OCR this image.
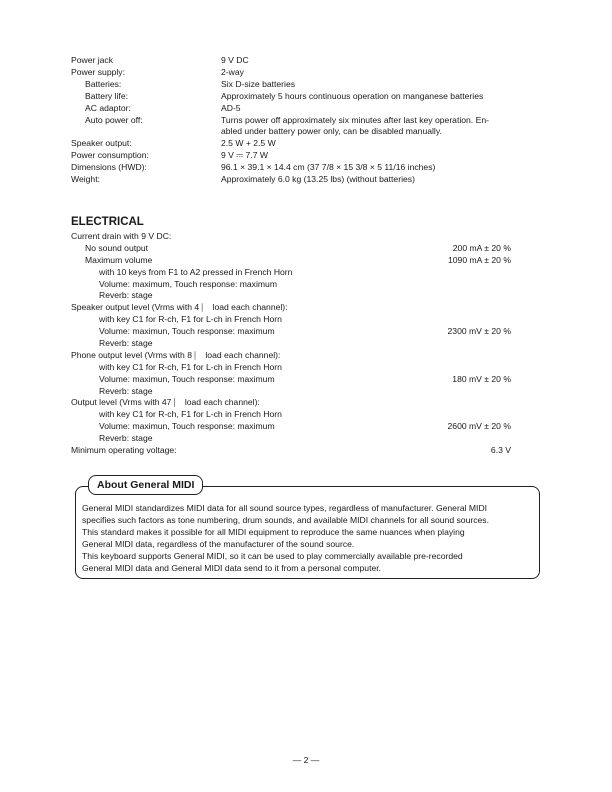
Power jack	9 V DC
Power supply:	2-way
Batteries:	Six D-size batteries
Battery life:	Approximately 5 hours continuous operation on manganese batteries
AC adaptor:	AD-5
Auto power off:	Turns power off approximately six minutes after last key operation. En-
abled under battery power only, can be disabled manually.
Speaker output:	2.5 W + 2.5 W
Power consumption:	9 V ⎓ 7.7 W
Dimensions (HWD):	96.1 × 39.1 × 14.4 cm (37 7/8 × 15 3/8 × 5 11/16 inches)
Weight:	Approximately 6.0 kg (13.25 lbs) (without batteries)
ELECTRICAL
Current drain with 9 V DC:
No sound output	200 mA ± 20 %
Maximum volume	1090 mA ± 20 %
with 10 keys from F1 to A2 pressed in French Horn
Volume: maximum, Touch response: maximum
Reverb: stage
Speaker output level (Vrms with 4 ⎸ load each channel):
with key C1 for R-ch, F1 for L-ch in French Horn
Volume: maximun, Touch response: maximum	2300 mV ± 20 %
Reverb: stage
Phone output level (Vrms with 8 ⎸ load each channel):
with key C1 for R-ch, F1 for L-ch in French Horn
Volume: maximun, Touch response: maximum	180 mV ± 20 %
Reverb: stage
Output level (Vrms with 47 ⎸ load each channel):
with key C1 for R-ch, F1 for L-ch in French Horn
Volume: maximun, Touch response: maximum	2600 mV ± 20 %
Reverb: stage
Minimum operating voltage:	6.3 V
About General MIDI

General MIDI standardizes MIDI data for all sound source types, regardless of manufacturer. General MIDI

specifies such factors as tone numbering, drum sounds, and available MIDI channels for all sound sources.

This standard makes it possible for all MIDI equipment to reproduce the same nuances when playing

General MIDI data, regardless of the manufacturer of the sound source.

This keyboard supports General MIDI, so it can be used to play commercially available pre-recorded

General MIDI data and General MIDI data send to it from a personal computer.

— 2 —
